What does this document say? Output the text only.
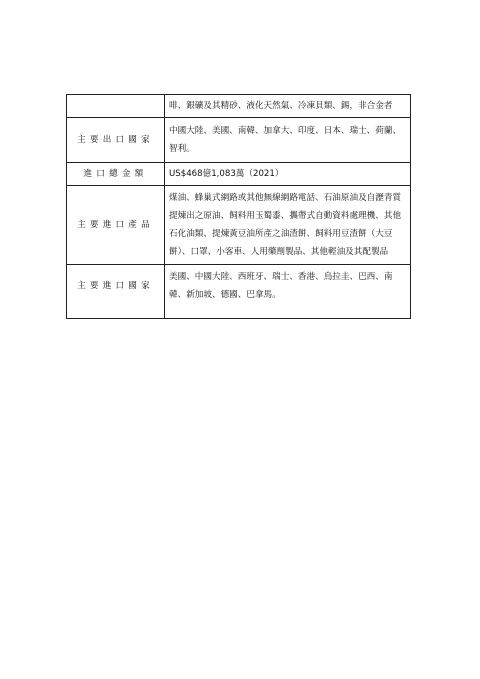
	啡、銀礦及其精砂、液化天然氣、冷凍貝類、錫，非合金者
主要出口國家	中國大陸、美國、南韓、加拿大、印度、日本、瑞士、荷蘭、智利。
進口總金額	US$468億1,083萬（2021）
主要進口產品	煤油、蜂巢式網路或其他無線網路電話、石油原油及自瀝青質提煉出之原油、飼料用玉蜀黍、攜帶式自動資料處理機、其他石化油類、提煉黃豆油所產之油渣餅、飼料用豆渣餅（大豆餅）、口罩、小客車、人用藥劑製品、其他輕油及其配製品
主要進口國家	美國、中國大陸、西班牙、瑞士、香港、烏拉圭、巴西、南韓、新加坡、德國、巴拿馬。
